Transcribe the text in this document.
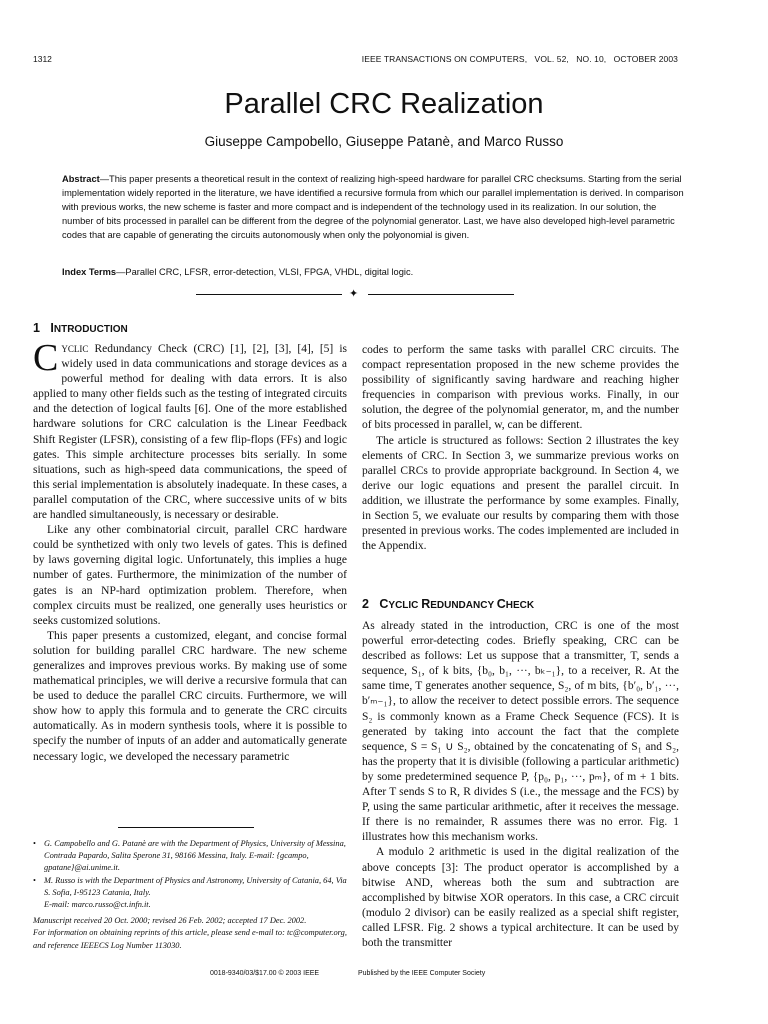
1312	IEEE TRANSACTIONS ON COMPUTERS,   VOL. 52,   NO. 10,   OCTOBER 2003
Parallel CRC Realization
Giuseppe Campobello, Giuseppe Patanè, and Marco Russo
Abstract—This paper presents a theoretical result in the context of realizing high-speed hardware for parallel CRC checksums. Starting from the serial implementation widely reported in the literature, we have identified a recursive formula from which our parallel implementation is derived. In comparison with previous works, the new scheme is faster and more compact and is independent of the technology used in its realization. In our solution, the number of bits processed in parallel can be different from the degree of the polynomial generator. Last, we have also developed high-level parametric codes that are capable of generating the circuits autonomously when only the polyonomial is given.
Index Terms—Parallel CRC, LFSR, error-detection, VLSI, FPGA, VHDL, digital logic.
✦
1 INTRODUCTION

CYCLIC Redundancy Check (CRC) [1], [2], [3], [4], [5] is widely used in data communications and storage devices as a powerful method for dealing with data errors. It is also applied to many other fields such as the testing of integrated circuits and the detection of logical faults [6]. One of the more established hardware solutions for CRC calculation is the Linear Feedback Shift Register (LFSR), consisting of a few flip-flops (FFs) and logic gates. This simple architecture processes bits serially. In some situations, such as high-speed data communications, the speed of this serial implementation is absolutely inadequate. In these cases, a parallel computation of the CRC, where successive units of w bits are handled simultaneously, is necessary or desirable.

Like any other combinatorial circuit, parallel CRC hardware could be synthetized with only two levels of gates. This is defined by laws governing digital logic. Unfortunately, this implies a huge number of gates. Furthermore, the minimization of the number of gates is an NP-hard optimization problem. Therefore, when complex circuits must be realized, one generally uses heuristics or seeks customized solutions.

This paper presents a customized, elegant, and concise formal solution for building parallel CRC hardware. The new scheme generalizes and improves previous works. By making use of some mathematical principles, we will derive a recursive formula that can be used to deduce the parallel CRC circuits. Furthermore, we will show how to apply this formula and to generate the CRC circuits automatically. As in modern synthesis tools, where it is possible to specify the number of inputs of an adder and automatically generate necessary logic, we developed the necessary parametric

codes to perform the same tasks with parallel CRC circuits. The compact representation proposed in the new scheme provides the possibility of significantly saving hardware and reaching higher frequencies in comparison with previous works. Finally, in our solution, the degree of the polynomial generator, m, and the number of bits processed in parallel, w, can be different.

The article is structured as follows: Section 2 illustrates the key elements of CRC. In Section 3, we summarize previous works on parallel CRCs to provide appropriate background. In Section 4, we derive our logic equations and present the parallel circuit. In addition, we illustrate the performance by some examples. Finally, in Section 5, we evaluate our results by comparing them with those presented in previous works. The codes implemented are included in the Appendix.

2 CYCLIC REDUNDANCY CHECK

As already stated in the introduction, CRC is one of the most powerful error-detecting codes. Briefly speaking, CRC can be described as follows: Let us suppose that a transmitter, T, sends a sequence, S₁, of k bits, {b₀, b₁, ···, bₖ₋₁}, to a receiver, R. At the same time, T generates another sequence, S₂, of m bits, {b′₀, b′₁, ···, b′ₘ₋₁}, to allow the receiver to detect possible errors. The sequence S₂ is commonly known as a Frame Check Sequence (FCS). It is generated by taking into account the fact that the complete sequence, S = S₁ ∪ S₂, obtained by the concatenating of S₁ and S₂, has the property that it is divisible (following a particular arithmetic) by some predetermined sequence P, {p₀, p₁, ···, pₘ}, of m + 1 bits. After T sends S to R, R divides S (i.e., the message and the FCS) by P, using the same particular arithmetic, after it receives the message. If there is no remainder, R assumes there was no error. Fig. 1 illustrates how this mechanism works.

A modulo 2 arithmetic is used in the digital realization of the above concepts [3]: The product operator is accomplished by a bitwise AND, whereas both the sum and subtraction are accomplished by bitwise XOR operators. In this case, a CRC circuit (modulo 2 divisor) can be easily realized as a special shift register, called LFSR. Fig. 2 shows a typical architecture. It can be used by both the transmitter

• G. Campobello and G. Patanè are with the Department of Physics, University of Messina, Contrada Papardo, Salita Sperone 31, 98166 Messina, Italy. E-mail: {gcampo, gpatane}@ai.unime.it.
• M. Russo is with the Department of Physics and Astronomy, University of Catania, 64, Via S. Sofia, I-95123 Catania, Italy.
E-mail: marco.russo@ct.infn.it.
Manuscript received 20 Oct. 2000; revised 26 Feb. 2002; accepted 17 Dec. 2002.
For information on obtaining reprints of this article, please send e-mail to: tc@computer.org, and reference IEEECS Log Number 113030.
0018-9340/03/$17.00 © 2003 IEEE	Published by the IEEE Computer Society
